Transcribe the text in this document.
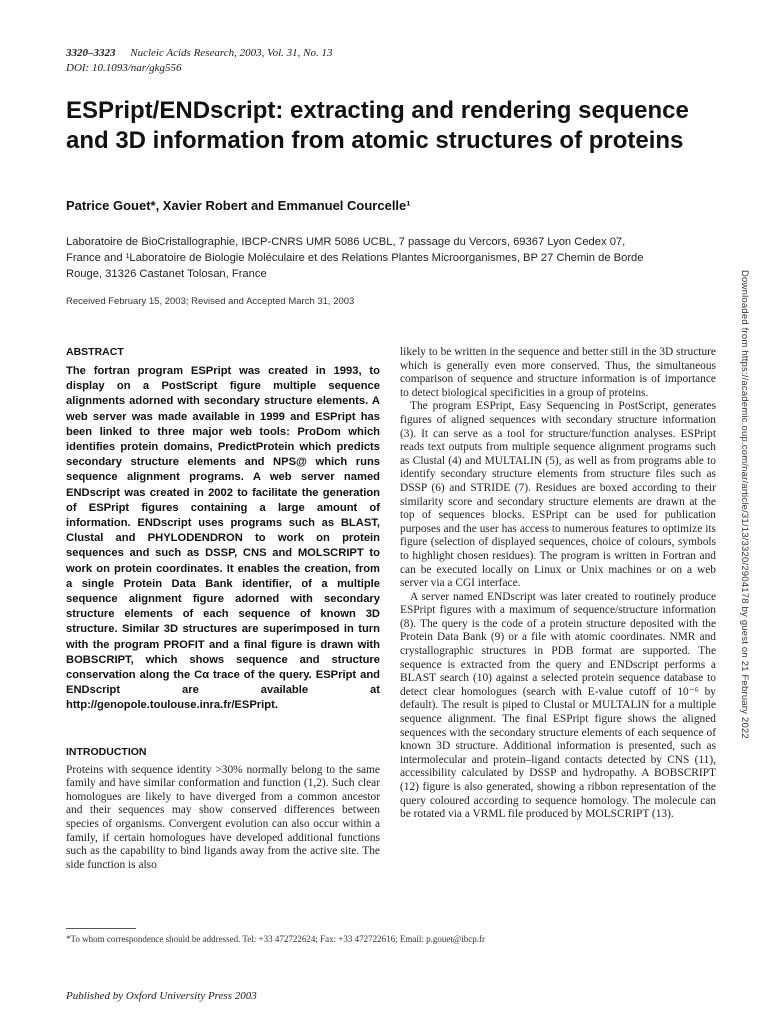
3320–3323 Nucleic Acids Research, 2003, Vol. 31, No. 13
DOI: 10.1093/nar/gkg556
ESPript/ENDscript: extracting and rendering sequence and 3D information from atomic structures of proteins
Patrice Gouet*, Xavier Robert and Emmanuel Courcelle¹
Laboratoire de BioCristallographie, IBCP-CNRS UMR 5086 UCBL, 7 passage du Vercors, 69367 Lyon Cedex 07,
France and ¹Laboratoire de Biologie Moléculaire et des Relations Plantes Microorganismes, BP 27 Chemin de Borde
Rouge, 31326 Castanet Tolosan, France
Received February 15, 2003; Revised and Accepted March 31, 2003
ABSTRACT
The fortran program ESPript was created in 1993, to display on a PostScript figure multiple sequence alignments adorned with secondary structure elements. A web server was made available in 1999 and ESPript has been linked to three major web tools: ProDom which identifies protein domains, PredictProtein which predicts secondary structure elements and NPS@ which runs sequence alignment programs. A web server named ENDscript was created in 2002 to facilitate the generation of ESPript figures containing a large amount of information. ENDscript uses programs such as BLAST, Clustal and PHYLODENDRON to work on protein sequences and such as DSSP, CNS and MOLSCRIPT to work on protein coordinates. It enables the creation, from a single Protein Data Bank identifier, of a multiple sequence alignment figure adorned with secondary structure elements of each sequence of known 3D structure. Similar 3D structures are superimposed in turn with the program PROFIT and a final figure is drawn with BOBSCRIPT, which shows sequence and structure conservation along the Cα trace of the query. ESPript and ENDscript are available at http://genopole.toulouse.inra.fr/ESPript.
INTRODUCTION

Proteins with sequence identity >30% normally belong to the same family and have similar conformation and function (1,2). Such clear homologues are likely to have diverged from a common ancestor and their sequences may show conserved differences between species of organisms. Convergent evolution can also occur within a family, if certain homologues have developed additional functions such as the capability to bind ligands away from the active site. The side function is also

likely to be written in the sequence and better still in the 3D structure which is generally even more conserved. Thus, the simultaneous comparison of sequence and structure information is of importance to detect biological specificities in a group of proteins.

The program ESPript, Easy Sequencing in PostScript, generates figures of aligned sequences with secondary structure information (3). It can serve as a tool for structure/function analyses. ESPript reads text outputs from multiple sequence alignment programs such as Clustal (4) and MULTALIN (5), as well as from programs able to identify secondary structure elements from structure files such as DSSP (6) and STRIDE (7). Residues are boxed according to their similarity score and secondary structure elements are drawn at the top of sequences blocks. ESPript can be used for publication purposes and the user has access to numerous features to optimize its figure (selection of displayed sequences, choice of colours, symbols to highlight chosen residues). The program is written in Fortran and can be executed locally on Linux or Unix machines or on a web server via a CGI interface.

A server named ENDscript was later created to routinely produce ESPript figures with a maximum of sequence/structure information (8). The query is the code of a protein structure deposited with the Protein Data Bank (9) or a file with atomic coordinates. NMR and crystallographic structures in PDB format are supported. The sequence is extracted from the query and ENDscript performs a BLAST search (10) against a selected protein sequence database to detect clear homologues (search with E-value cutoff of 10⁻⁶ by default). The result is piped to Clustal or MULTALIN for a multiple sequence alignment. The final ESPript figure shows the aligned sequences with the secondary structure elements of each sequence of known 3D structure. Additional information is presented, such as intermolecular and protein–ligand contacts detected by CNS (11), accessibility calculated by DSSP and hydropathy. A BOBSCRIPT (12) figure is also generated, showing a ribbon representation of the query coloured according to sequence homology. The molecule can be rotated via a VRML file produced by MOLSCRIPT (13).

*To whom correspondence should be addressed. Tel: +33 472722624; Fax: +33 472722616; Email: p.gouet@ibcp.fr
Published by Oxford University Press 2003
Downloaded from https://academic.oup.com/nar/article/31/13/3320/2904178 by guest on 21 February 2022
